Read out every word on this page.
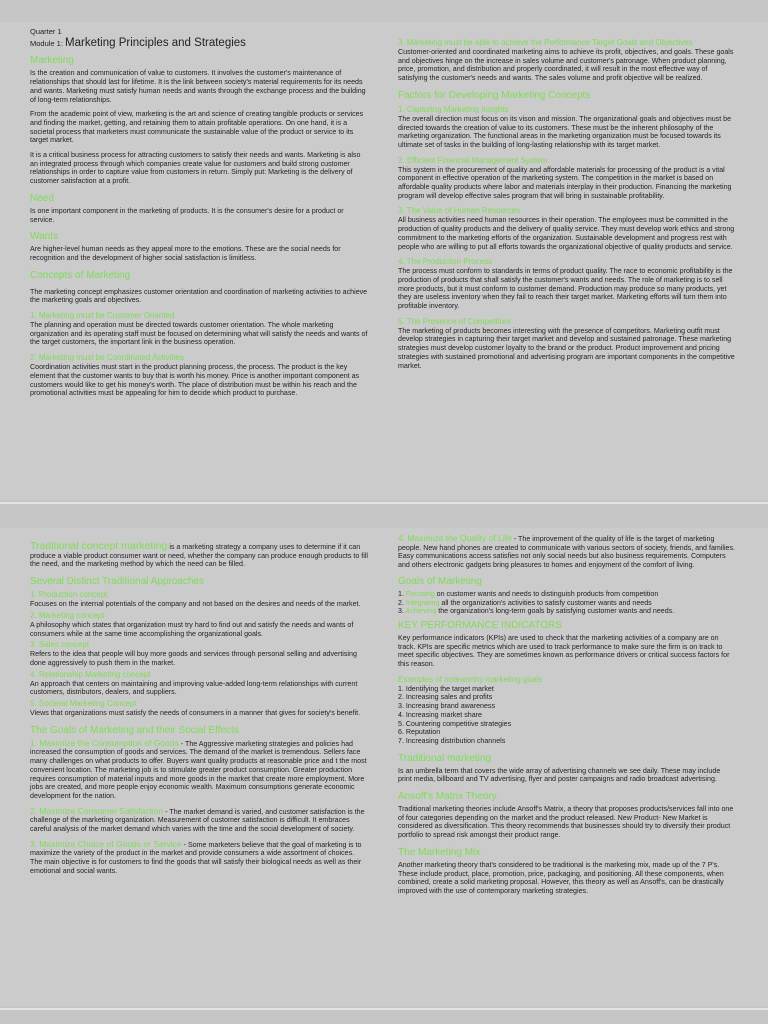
Quarter 1

Module 1: Marketing Principles and Strategies

Marketing

Is the creation and communication of value to customers. It involves the customer's maintenance of relationships that should last for lifetime. It is the link between society's material requirements for its needs and wants. Marketing must satisfy human needs and wants through the exchange process and the building of long-term relationships.

From the academic point of view, marketing is the art and science of creating tangible products or services and finding the market, getting, and retaining them to attain profitable operations. On one hand, it is a societal process that marketers must communicate the sustainable value of the product or service to its target market.

It is a critical business process for attracting customers to satisfy their needs and wants. Marketing is also an integrated process through which companies create value for customers and build strong customer relationships in order to capture value from customers in return. Simply put: Marketing is the delivery of customer satisfaction at a profit.

Need

Is one important component in the marketing of products. It is the consumer's desire for a product or service.

Wants

Are higher-level human needs as they appeal more to the emotions. These are the social needs for recognition and the development of higher social satisfaction is limitless.

Concepts of Marketing

The marketing concept emphasizes customer orientation and coordination of marketing activities to achieve the marketing goals and objectives.

1. Marketing must be Customer Oriented

The planning and operation must be directed towards customer orientation. The whole marketing organization and its operating staff must be focused on determining what will satisfy the needs and wants of the target customers, the important link in the business operation.

2. Marketing must be Coordinated Activities

Coordination activities must start in the product planning process, the process. The product is the key element that the customer wants to buy that is worth his money. Price is another important component as customers would like to get his money's worth. The place of distribution must be within his reach and the promotional activities must be appealing for him to decide which product to purchase.

3. Marketing must be able to achieve the Performance Target Goals and Objectives

Customer-oriented and coordinated marketing aims to achieve its profit, objectives, and goals. These goals and objectives hinge on the increase in sales volume and customer's patronage. When product planning, price, promotion, and distribution and properly coordinated, it will result in the most effective way of satisfying the customer's needs and wants. The sales volume and profit objective will be realized.

Factors for Developing Marketing Concepts
1. Capturing Marketing Insights

The overall direction must focus on its vison and mission. The organizational goals and objectives must be directed towards the creation of value to its customers. These must be the inherent philosophy of the marketing organization. The functional areas in the marketing organization must be focused towards its ultimate set of tasks in the building of long-lasting relationship with its target market.

2. Efficient Financial Management System

This system in the procurement of quality and affordable materials for processing of the product is a vital component in effective operation of the marketing system. The competition in the market is based on affordable quality products where labor and materials interplay in their production. Financing the marketing program will develop effective sales program that will bring in sustainable profitability.

3. The Value of Human Resources

All business activities need human resources in their operation. The employees must be committed in the production of quality products and the delivery of quality service. They must develop work ethics and strong commitment to the marketing efforts of the organization. Sustainable development and progress rest with people who are willing to put all efforts towards the organizational objective of quality products and service.

4. The Production Process

The process must conform to standards in terms of product quality. The race to economic profitability is the production of products that shall satisfy the customer's wants and needs. The role of marketing is to sell more products, but it must conform to customer demand. Production may produce so many products, yet they are useless inventory when they fail to reach their target market. Marketing efforts will turn them into profitable inventory.

5. The Presence of Competitors

The marketing of products becomes interesting with the presence of competitors. Marketing outfit must develop strategies in capturing their target market and develop and sustained patronage. These marketing strategies must develop customer loyalty to the brand or the product. Product improvement and pricing strategies with sustained promotional and advertising program are important components in the competitive market.

Traditional concept marketing is a marketing strategy a company uses to determine if it can produce a viable product consumer want or need, whether the company can produce enough products to fill the need, and the marketing method by which the need can be filled.

Several Distinct Traditional Approaches
1. Production concept

Focuses on the internal potentials of the company and not based on the desires and needs of the market.

2. Marketing concept

A philosophy which states that organization must try hard to find out and satisfy the needs and wants of consumers while at the same time accomplishing the organizational goals.

3. Sales concept

Refers to the idea that people will buy more goods and services through personal selling and advertising done aggressively to push them in the market.

4. Relationship Marketing concept

An approach that centers on maintaining and improving value-added long-term relationships with current customers, distributors, dealers, and suppliers.

5. Societal Marketing Concept

Views that organizations must satisfy the needs of consumers in a manner that gives for society's benefit.

The Goals of Marketing and their Social Effects

1. Maximize the Consumption of Goods - The Aggressive marketing strategies and policies had increased the consumption of goods and services. The demand of the market is tremendous. Sellers face many challenges on what products to offer. Buyers want quality products at reasonable price and t the most convenient location. The marketing job is to stimulate greater product consumption. Greater production requires consumption of material inputs and more goods in the market that create more employment. More jobs are created, and more people enjoy economic wealth. Maximum consumptions generate economic development for the nation.

2. Maximize Consumer Satisfaction - The market demand is varied, and customer satisfaction is the challenge of the marketing organization. Measurement of customer satisfaction is difficult. It embraces careful analysis of the market demand which varies with the time and the social development of society.

3. Maximize Choice of Goods or Service - Some marketers believe that the goal of marketing is to maximize the variety of the product in the market and provide consumers a wide assortment of choices. The main objective is for customers to find the goods that will satisfy their biological needs as well as their emotional and social wants.

4. Maximize the Quality of Life - The improvement of the quality of life is the target of marketing people. New hand phones are created to communicate with various sectors of society, friends, and families. Easy communications access satisfies not only social needs but also business requirements. Computers and others electronic gadgets bring pleasures to homes and enjoyment of the comfort of living.

Goals of Marketing
1. Focusing on customer wants and needs to distinguish products from competition
2. Integrating all the organization's activities to satisfy customer wants and needs
3. Achieving the organization's long-term goals by satisfying customer wants and needs.
KEY PERFORMANCE INDICATORS

Key performance indicators (KPIs) are used to check that the marketing activities of a company are on track. KPIs are specific metrics which are used to track performance to make sure the firm is on track to meet specific objectives. They are sometimes known as performance drivers or critical success factors for this reason.

Examples of noteworthy marketing goals
1. Identifying the target market
2. Increasing sales and profits
3. Increasing brand awareness
4. Increasing market share
5. Countering competitive strategies
6. Reputation
7. Increasing distribution channels
Traditional marketing

Is an umbrella term that covers the wide array of advertising channels we see daily. These may include print media, billboard and TV advertising, flyer and poster campaigns and radio broadcast advertising.

Ansoff's Matrix Theory

Traditional marketing theories include Ansoff's Matrix, a theory that proposes products/services fall into one of four categories depending on the market and the product released. New Product- New Market is considered as diversification. This theory recommends that businesses should try to diversify their product portfolio to spread risk amongst their product range.

The Marketing Mix

Another marketing theory that's considered to be traditional is the marketing mix, made up of the 7 P's. These include product, place, promotion, price, packaging, and positioning. All these components, when combined, create a solid marketing proposal. However, this theory as well as Ansoff's, can be drastically improved with the use of contemporary marketing strategies.
